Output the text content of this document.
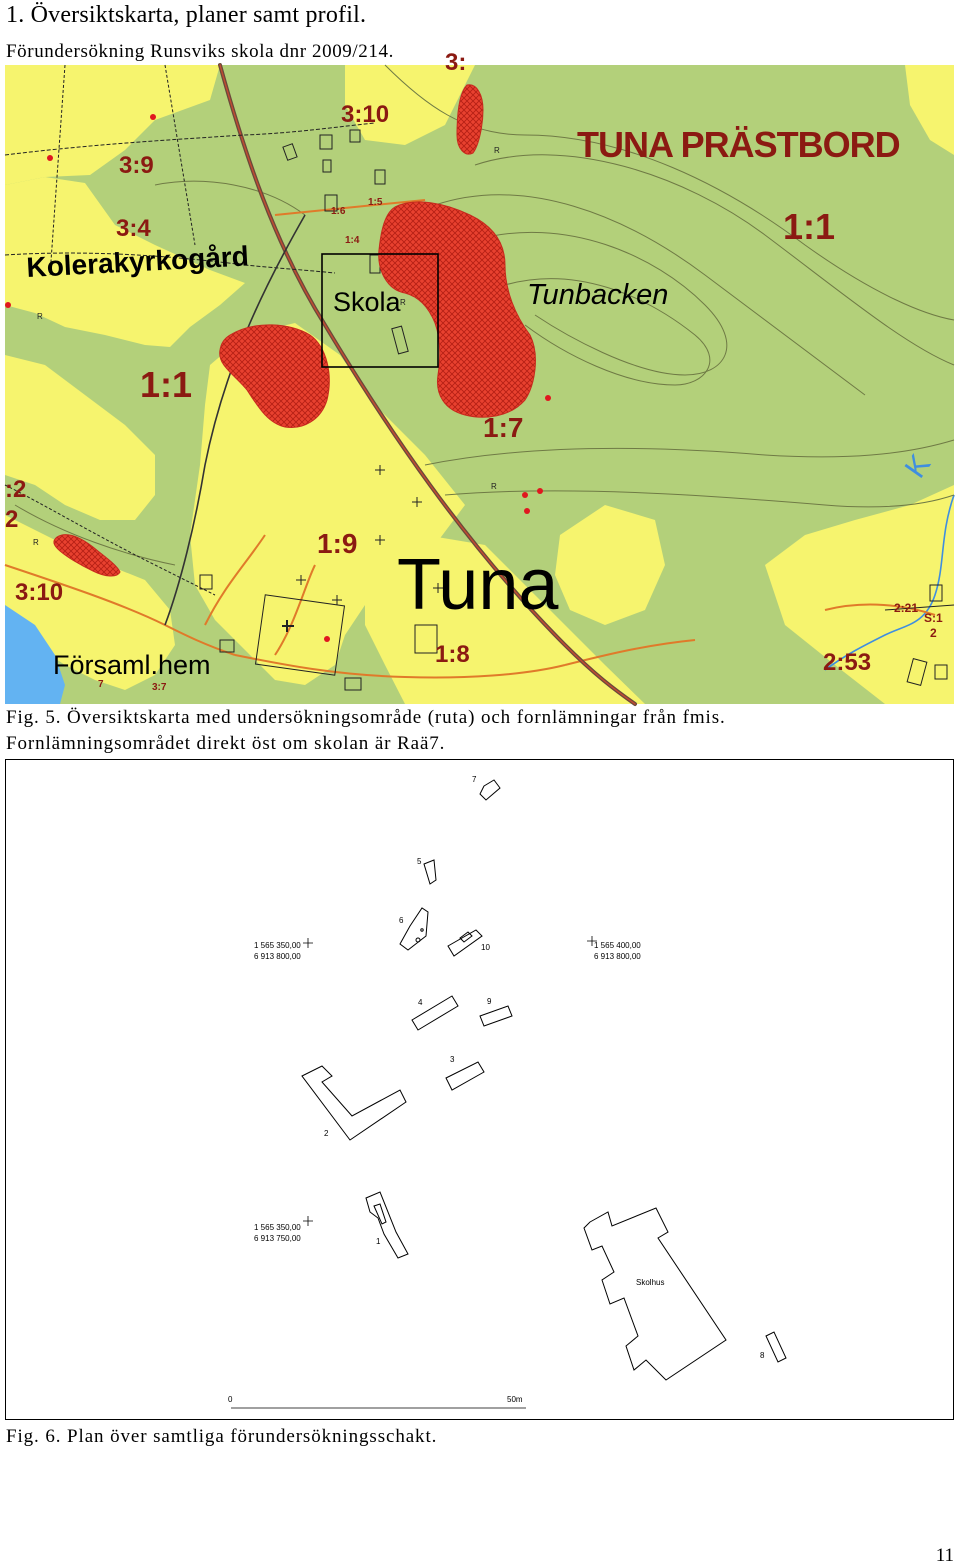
1. Översiktskarta, planer samt profil.
Förundersökning Runsviks skola dnr 2009/214.
K
R
R
R
R
R
TUNA PRÄSTBORD
Kolerakyrkogård
Skola	Tunbacken
Tuna
Församl.hem
3:10
3:9
3:4	1:1
1:1
1:7
1:9
3:10
1:8	2:53
2:21
S:1
2
:2
2
1:6
1:5
1:4
3:7
7
3:
Fig. 5. Översiktskarta med undersökningsområde (ruta) och fornlämningar från fmis.
Fornlämningsområdet direkt öst om skolan är Raä7.
7
5
6
10
4	9
3
2
1
8
Skolhus
1 565 350,00
6 913 800,00
1 565 400,00
6 913 800,00
1 565 350,00
6 913 750,00
0	50m
Fig. 6. Plan över samtliga förundersökningsschakt.
11
